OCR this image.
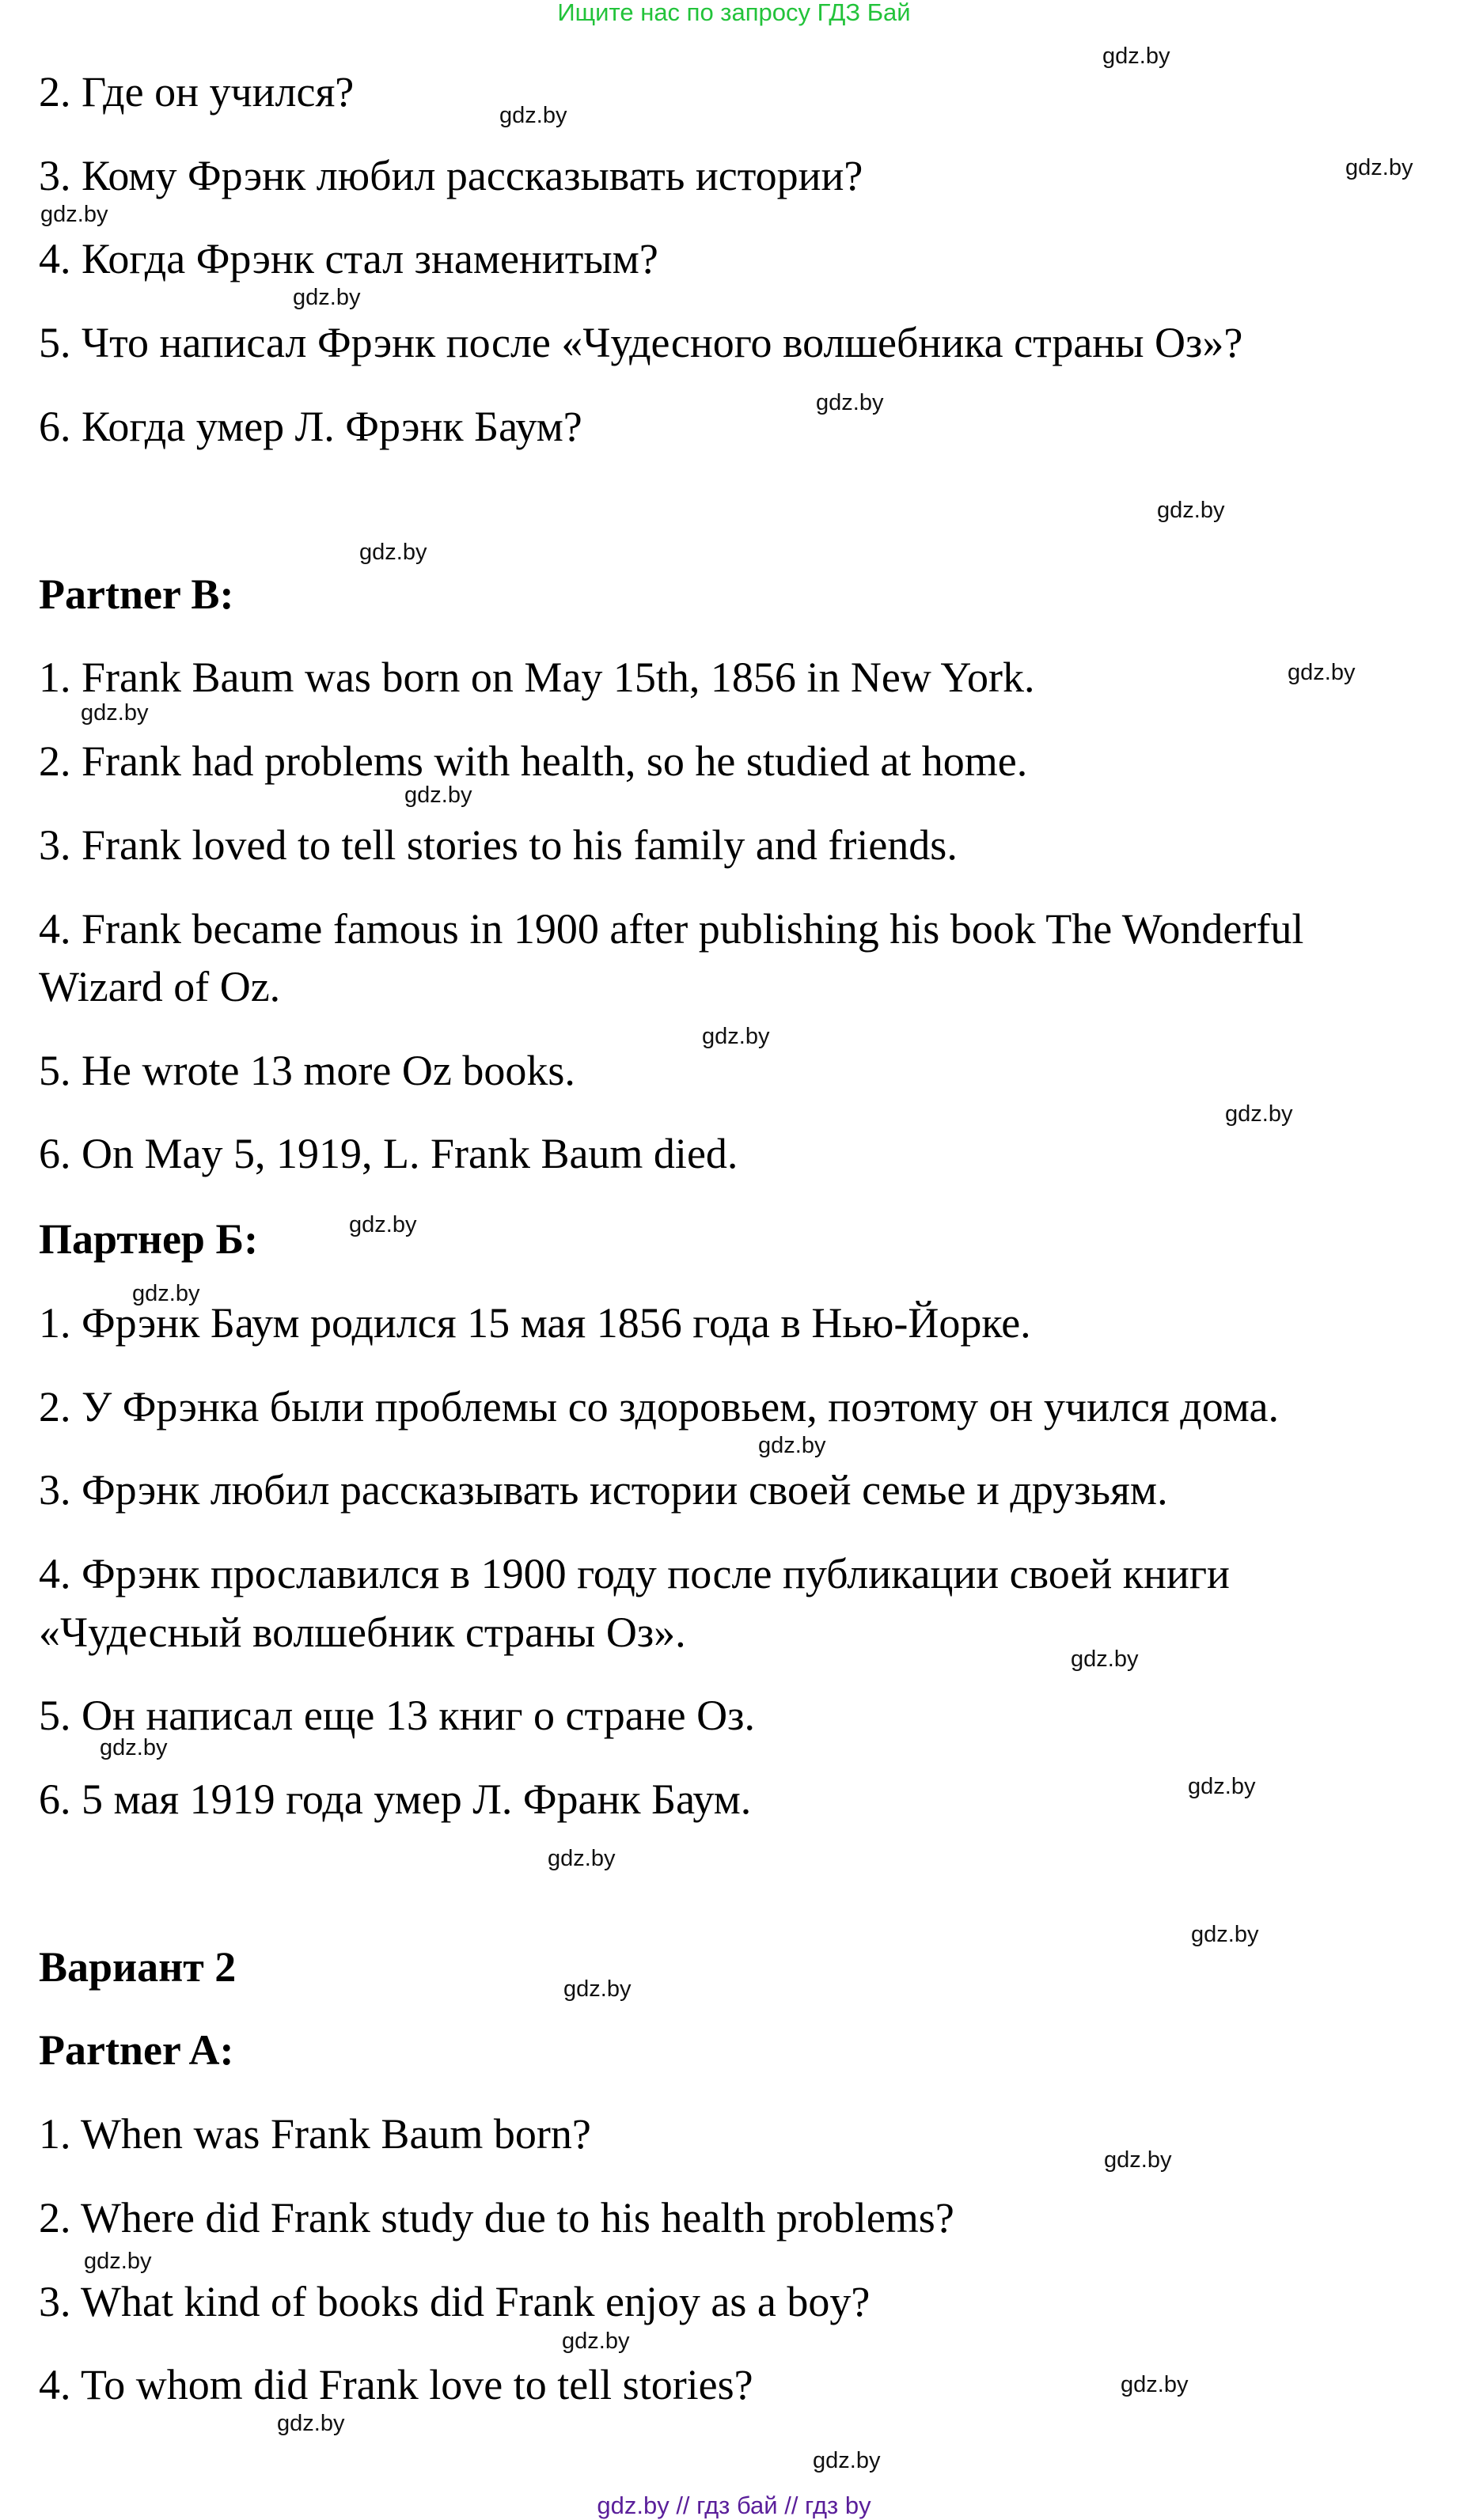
Ищите нас по запросу ГДЗ Бай
2. Где он учился?
3. Кому Фрэнк любил рассказывать истории?
4. Когда Фрэнк стал знаменитым?
5. Что написал Фрэнк после «Чудесного волшебника страны Оз»?
6. Когда умер Л. Фрэнк Баум?
Partner B:
1. Frank Baum was born on May 15th, 1856 in New York.
2. Frank had problems with health, so he studied at home.
3. Frank loved to tell stories to his family and friends.
4. Frank became famous in 1900 after publishing his book The Wonderful
Wizard of Oz.
5. He wrote 13 more Oz books.
6. On May 5, 1919, L. Frank Baum died.
Партнер Б:
1. Фрэнк Баум родился 15 мая 1856 года в Нью-Йорке.
2. У Фрэнка были проблемы со здоровьем, поэтому он учился дома.
3. Фрэнк любил рассказывать истории своей семье и друзьям.
4. Фрэнк прославился в 1900 году после публикации своей книги
«Чудесный волшебник страны Оз».
5. Он написал еще 13 книг о стране Оз.
6. 5 мая 1919 года умер Л. Франк Баум.
Вариант 2
Partner A:
1. When was Frank Baum born?
2. Where did Frank study due to his health problems?
3. What kind of books did Frank enjoy as a boy?
4. To whom did Frank love to tell stories?
gdz.by
gdz.by
gdz.by
gdz.by
gdz.by
gdz.by
gdz.by
gdz.by
gdz.by
gdz.by
gdz.by
gdz.by
gdz.by
gdz.by
gdz.by
gdz.by
gdz.by
gdz.by
gdz.by
gdz.by
gdz.by
gdz.by
gdz.by
gdz.by
gdz.by
gdz.by
gdz.by
gdz.by
gdz.by // гдз бай // гдз by
